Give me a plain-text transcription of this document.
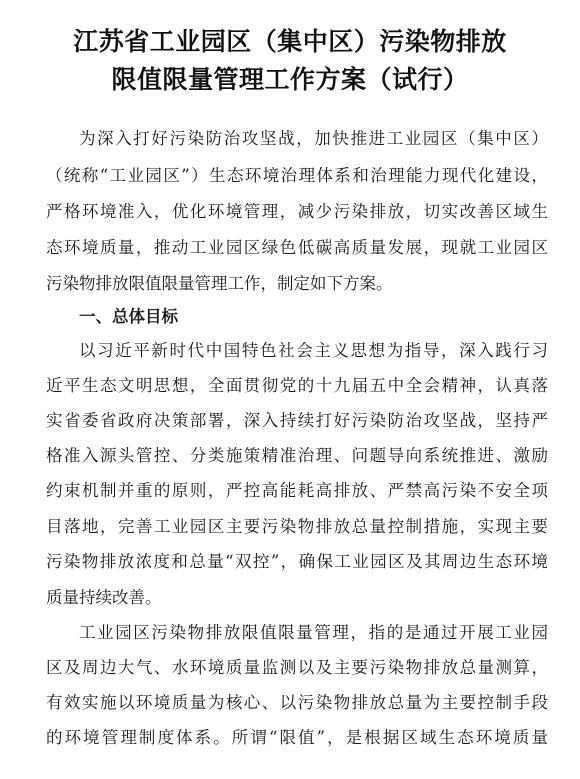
江苏省工业园区（集中区）污染物排放
限值限量管理工作方案（试行）
为深入打好污染防治攻坚战，加快推进工业园区（集中区）
（统称“工业园区”）生态环境治理体系和治理能力现代化建设，
严格环境准入，优化环境管理，减少污染排放，切实改善区域生
态环境质量，推动工业园区绿色低碳高质量发展，现就工业园区
污染物排放限值限量管理工作，制定如下方案。
一、总体目标
以习近平新时代中国特色社会主义思想为指导，深入践行习
近平生态文明思想，全面贯彻党的十九届五中全会精神，认真落
实省委省政府决策部署，深入持续打好污染防治攻坚战，坚持严
格准入源头管控、分类施策精准治理、问题导向系统推进、激励
约束机制并重的原则，严控高能耗高排放、严禁高污染不安全项
目落地，完善工业园区主要污染物排放总量控制措施，实现主要
污染物排放浓度和总量“双控”，确保工业园区及其周边生态环境
质量持续改善。
工业园区污染物排放限值限量管理，指的是通过开展工业园
区及周边大气、水环境质量监测以及主要污染物排放总量测算，
有效实施以环境质量为核心、以污染物排放总量为主要控制手段
的环境管理制度体系。所谓“限值”，是根据区域生态环境质量
